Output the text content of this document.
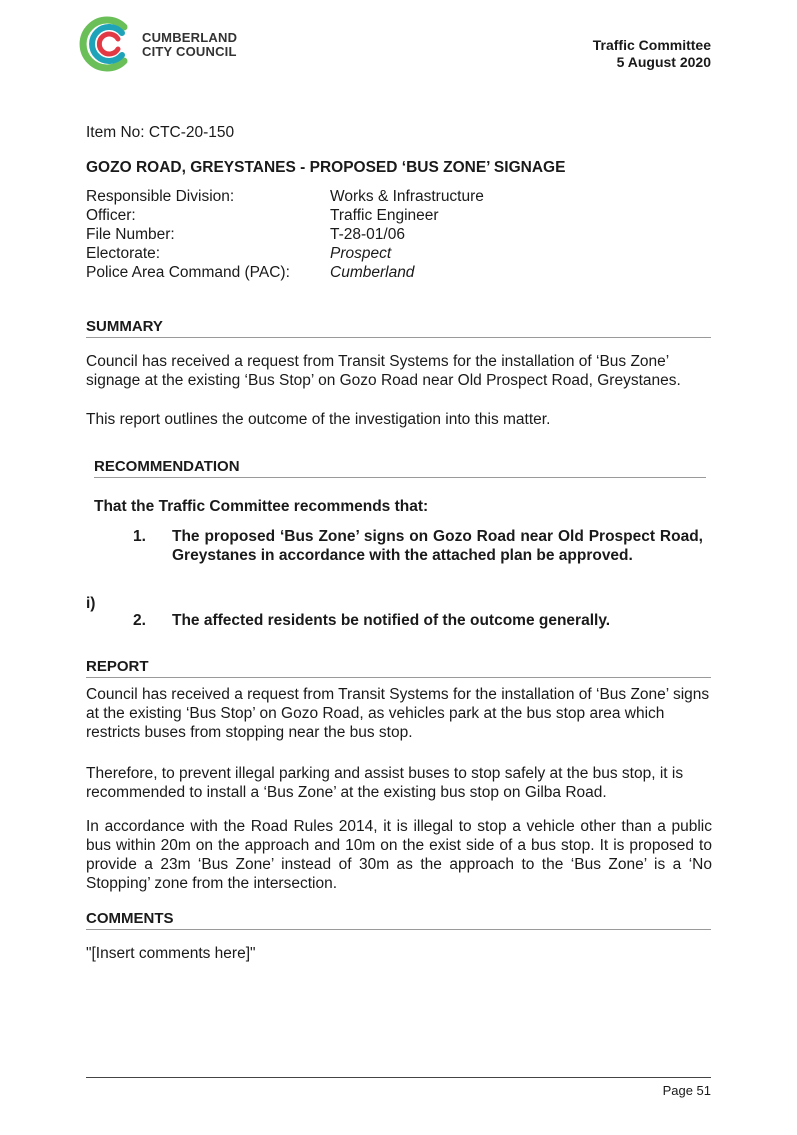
CUMBERLAND
CITY COUNCIL	Traffic Committee
5 August 2020
Item No: CTC-20-150
GOZO ROAD, GREYSTANES - PROPOSED ‘BUS ZONE’ SIGNAGE
Responsible Division:	Works & Infrastructure
Officer:	Traffic Engineer
File Number:	T-28-01/06
Electorate:	Prospect
Police Area Command (PAC):	Cumberland
SUMMARY
Council has received a request from Transit Systems for the installation of ‘Bus Zone’ signage at the existing ‘Bus Stop’ on Gozo Road near Old Prospect Road, Greystanes.
This report outlines the outcome of the investigation into this matter.
RECOMMENDATION
That the Traffic Committee recommends that:
1.	The proposed ‘Bus Zone’ signs on Gozo Road near Old Prospect Road, Greystanes in accordance with the attached plan be approved.
i)
2.	The affected residents be notified of the outcome generally.
REPORT
Council has received a request from Transit Systems for the installation of ‘Bus Zone’ signs at the existing ‘Bus Stop’ on Gozo Road, as vehicles park at the bus stop area which restricts buses from stopping near the bus stop.
Therefore, to prevent illegal parking and assist buses to stop safely at the bus stop, it is recommended to install a ‘Bus Zone’ at the existing bus stop on Gilba Road.
In accordance with the Road Rules 2014, it is illegal to stop a vehicle other than a public bus within 20m on the approach and 10m on the exist side of a bus stop. It is proposed to provide a 23m ‘Bus Zone’ instead of 30m as the approach to the ‘Bus Zone’ is a ‘No Stopping’ zone from the intersection.
COMMENTS
"[Insert comments here]"
Page 51
